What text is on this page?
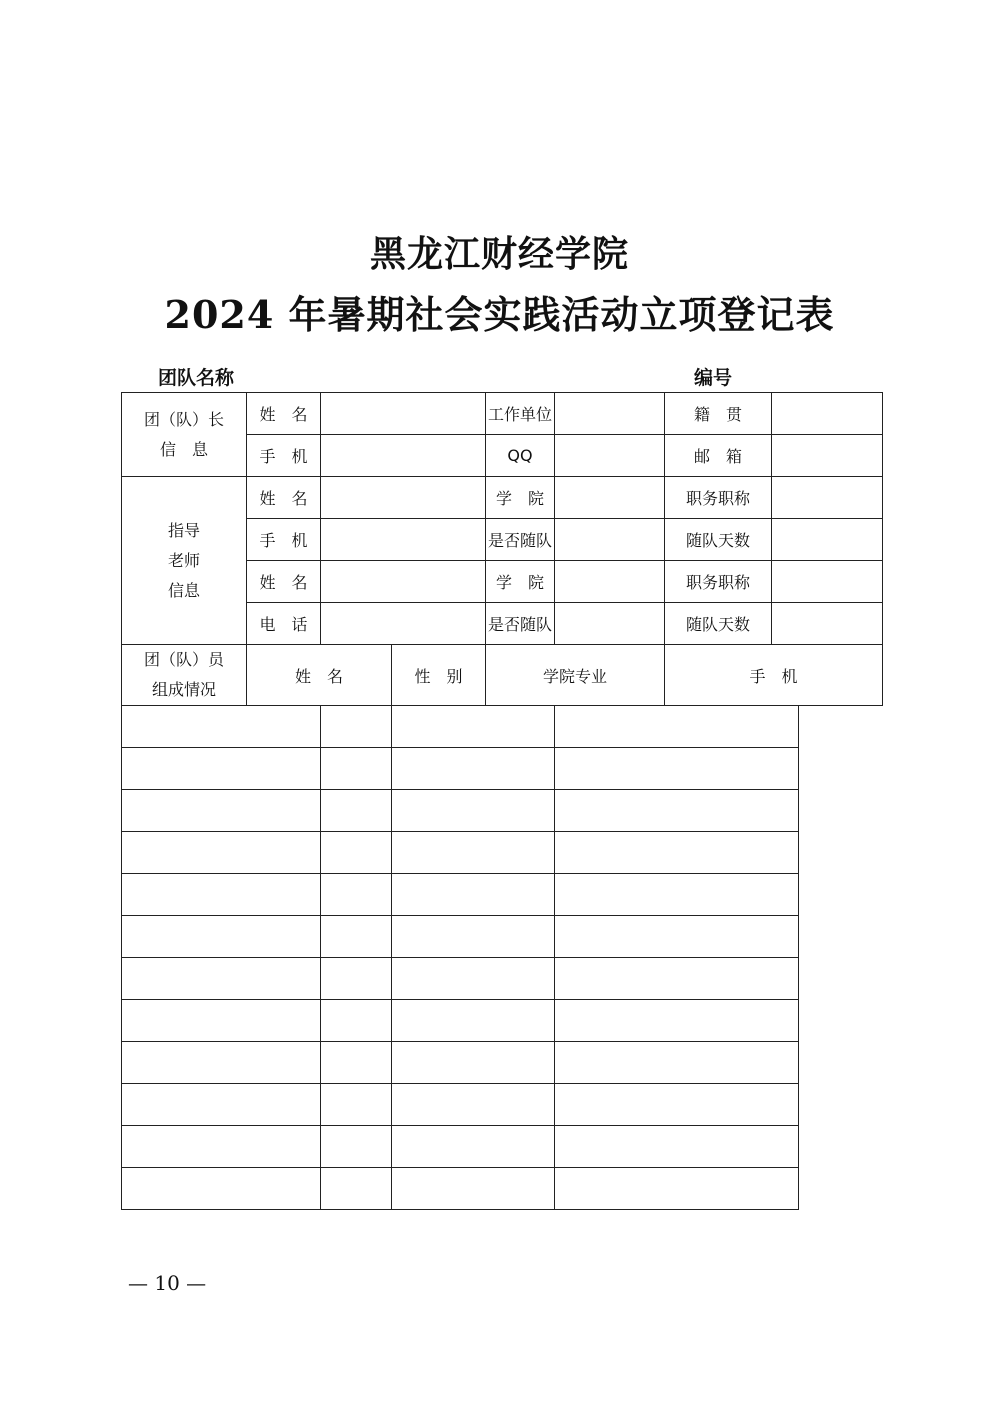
黑龙江财经学院
2024 年暑期社会实践活动立项登记表
团队名称	编号
团（队）长
信　息	姓　名			工作单位		籍　贯	
	手　机			QQ		邮　箱	

指导
老师
信息	姓　名			学　院		职务职称	
	手　机			是否随队		随队天数	
	姓　名			学　院		职务职称	
	电　话			是否随队		随队天数	

团（队）员
组成情况	姓　名		性　别	学院专业		手　机	

— 10 —
